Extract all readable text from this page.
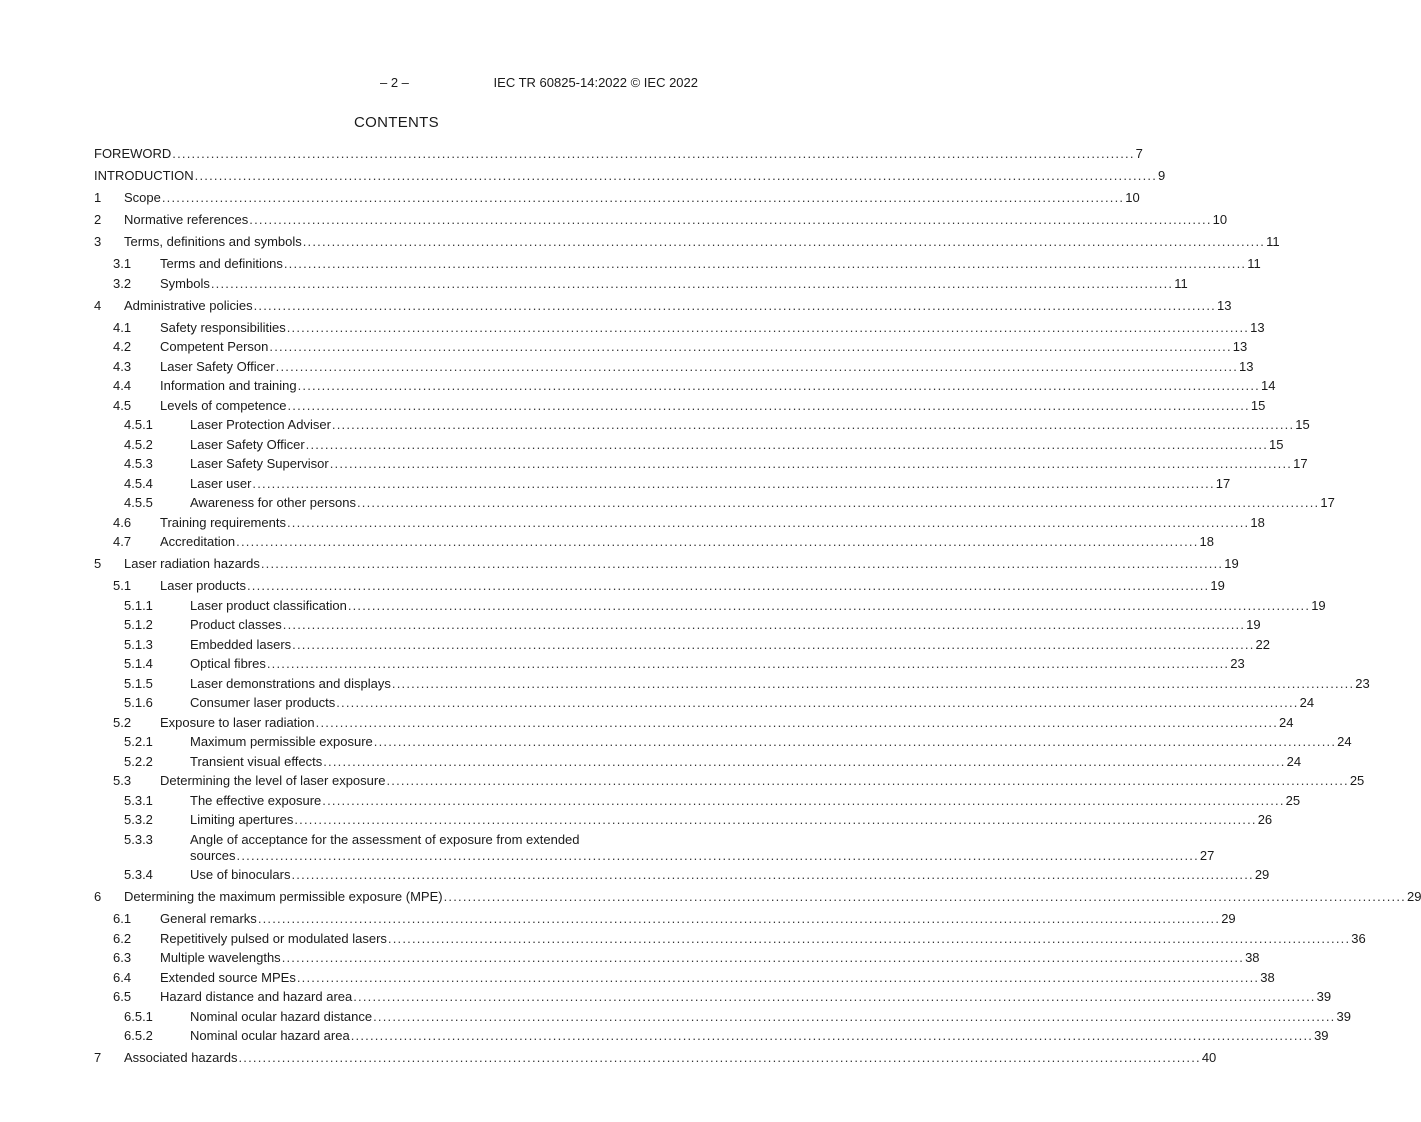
– 2 –	IEC TR 60825-14:2022 © IEC 2022
CONTENTS
FOREWORD ........................................................................................................................................................................................................ 7
INTRODUCTION ........................................................................................................................................................................................................ 9
1 Scope ........................................................................................................................................................................................................ 10
2 Normative references ........................................................................................................................................................................................................ 10
3 Terms, definitions and symbols ........................................................................................................................................................................................................ 11
3.1 Terms and definitions ........................................................................................................................................................................................................ 11
3.2 Symbols ........................................................................................................................................................................................................ 11
4 Administrative policies ........................................................................................................................................................................................................ 13
4.1 Safety responsibilities ........................................................................................................................................................................................................ 13
4.2 Competent Person ........................................................................................................................................................................................................ 13
4.3 Laser Safety Officer ........................................................................................................................................................................................................ 13
4.4 Information and training ........................................................................................................................................................................................................ 14
4.5 Levels of competence ........................................................................................................................................................................................................ 15
4.5.1	Laser Protection Adviser ........................................................................................................................................................................................................ 15
4.5.2	Laser Safety Officer ........................................................................................................................................................................................................ 15
4.5.3	Laser Safety Supervisor ........................................................................................................................................................................................................ 17
4.5.4	Laser user ........................................................................................................................................................................................................ 17
4.5.5	Awareness for other persons ........................................................................................................................................................................................................ 17
4.6 Training requirements ........................................................................................................................................................................................................ 18
4.7 Accreditation ........................................................................................................................................................................................................ 18
5 Laser radiation hazards ........................................................................................................................................................................................................ 19
5.1 Laser products ........................................................................................................................................................................................................ 19
5.1.1	Laser product classification ........................................................................................................................................................................................................ 19
5.1.2	Product classes ........................................................................................................................................................................................................ 19
5.1.3	Embedded lasers ........................................................................................................................................................................................................ 22
5.1.4	Optical fibres ........................................................................................................................................................................................................ 23
5.1.5	Laser demonstrations and displays ........................................................................................................................................................................................................ 23
5.1.6	Consumer laser products ........................................................................................................................................................................................................ 24
5.2 Exposure to laser radiation ........................................................................................................................................................................................................ 24
5.2.1	Maximum permissible exposure ........................................................................................................................................................................................................ 24
5.2.2	Transient visual effects ........................................................................................................................................................................................................ 24
5.3 Determining the level of laser exposure ........................................................................................................................................................................................................ 25
5.3.1	The effective exposure ........................................................................................................................................................................................................ 25
5.3.2	Limiting apertures ........................................................................................................................................................................................................ 26
5.3.3	Angle of acceptance for the assessment of exposure from extended
sources ........................................................................................................................................................................................................ 27
5.3.4	Use of binoculars ........................................................................................................................................................................................................ 29
6 Determining the maximum permissible exposure (MPE) ........................................................................................................................................................................................................ 29
6.1 General remarks ........................................................................................................................................................................................................ 29
6.2 Repetitively pulsed or modulated lasers ........................................................................................................................................................................................................ 36
6.3 Multiple wavelengths ........................................................................................................................................................................................................ 38
6.4 Extended source MPEs ........................................................................................................................................................................................................ 38
6.5 Hazard distance and hazard area ........................................................................................................................................................................................................ 39
6.5.1	Nominal ocular hazard distance ........................................................................................................................................................................................................ 39
6.5.2	Nominal ocular hazard area ........................................................................................................................................................................................................ 39
7 Associated hazards ........................................................................................................................................................................................................ 40
